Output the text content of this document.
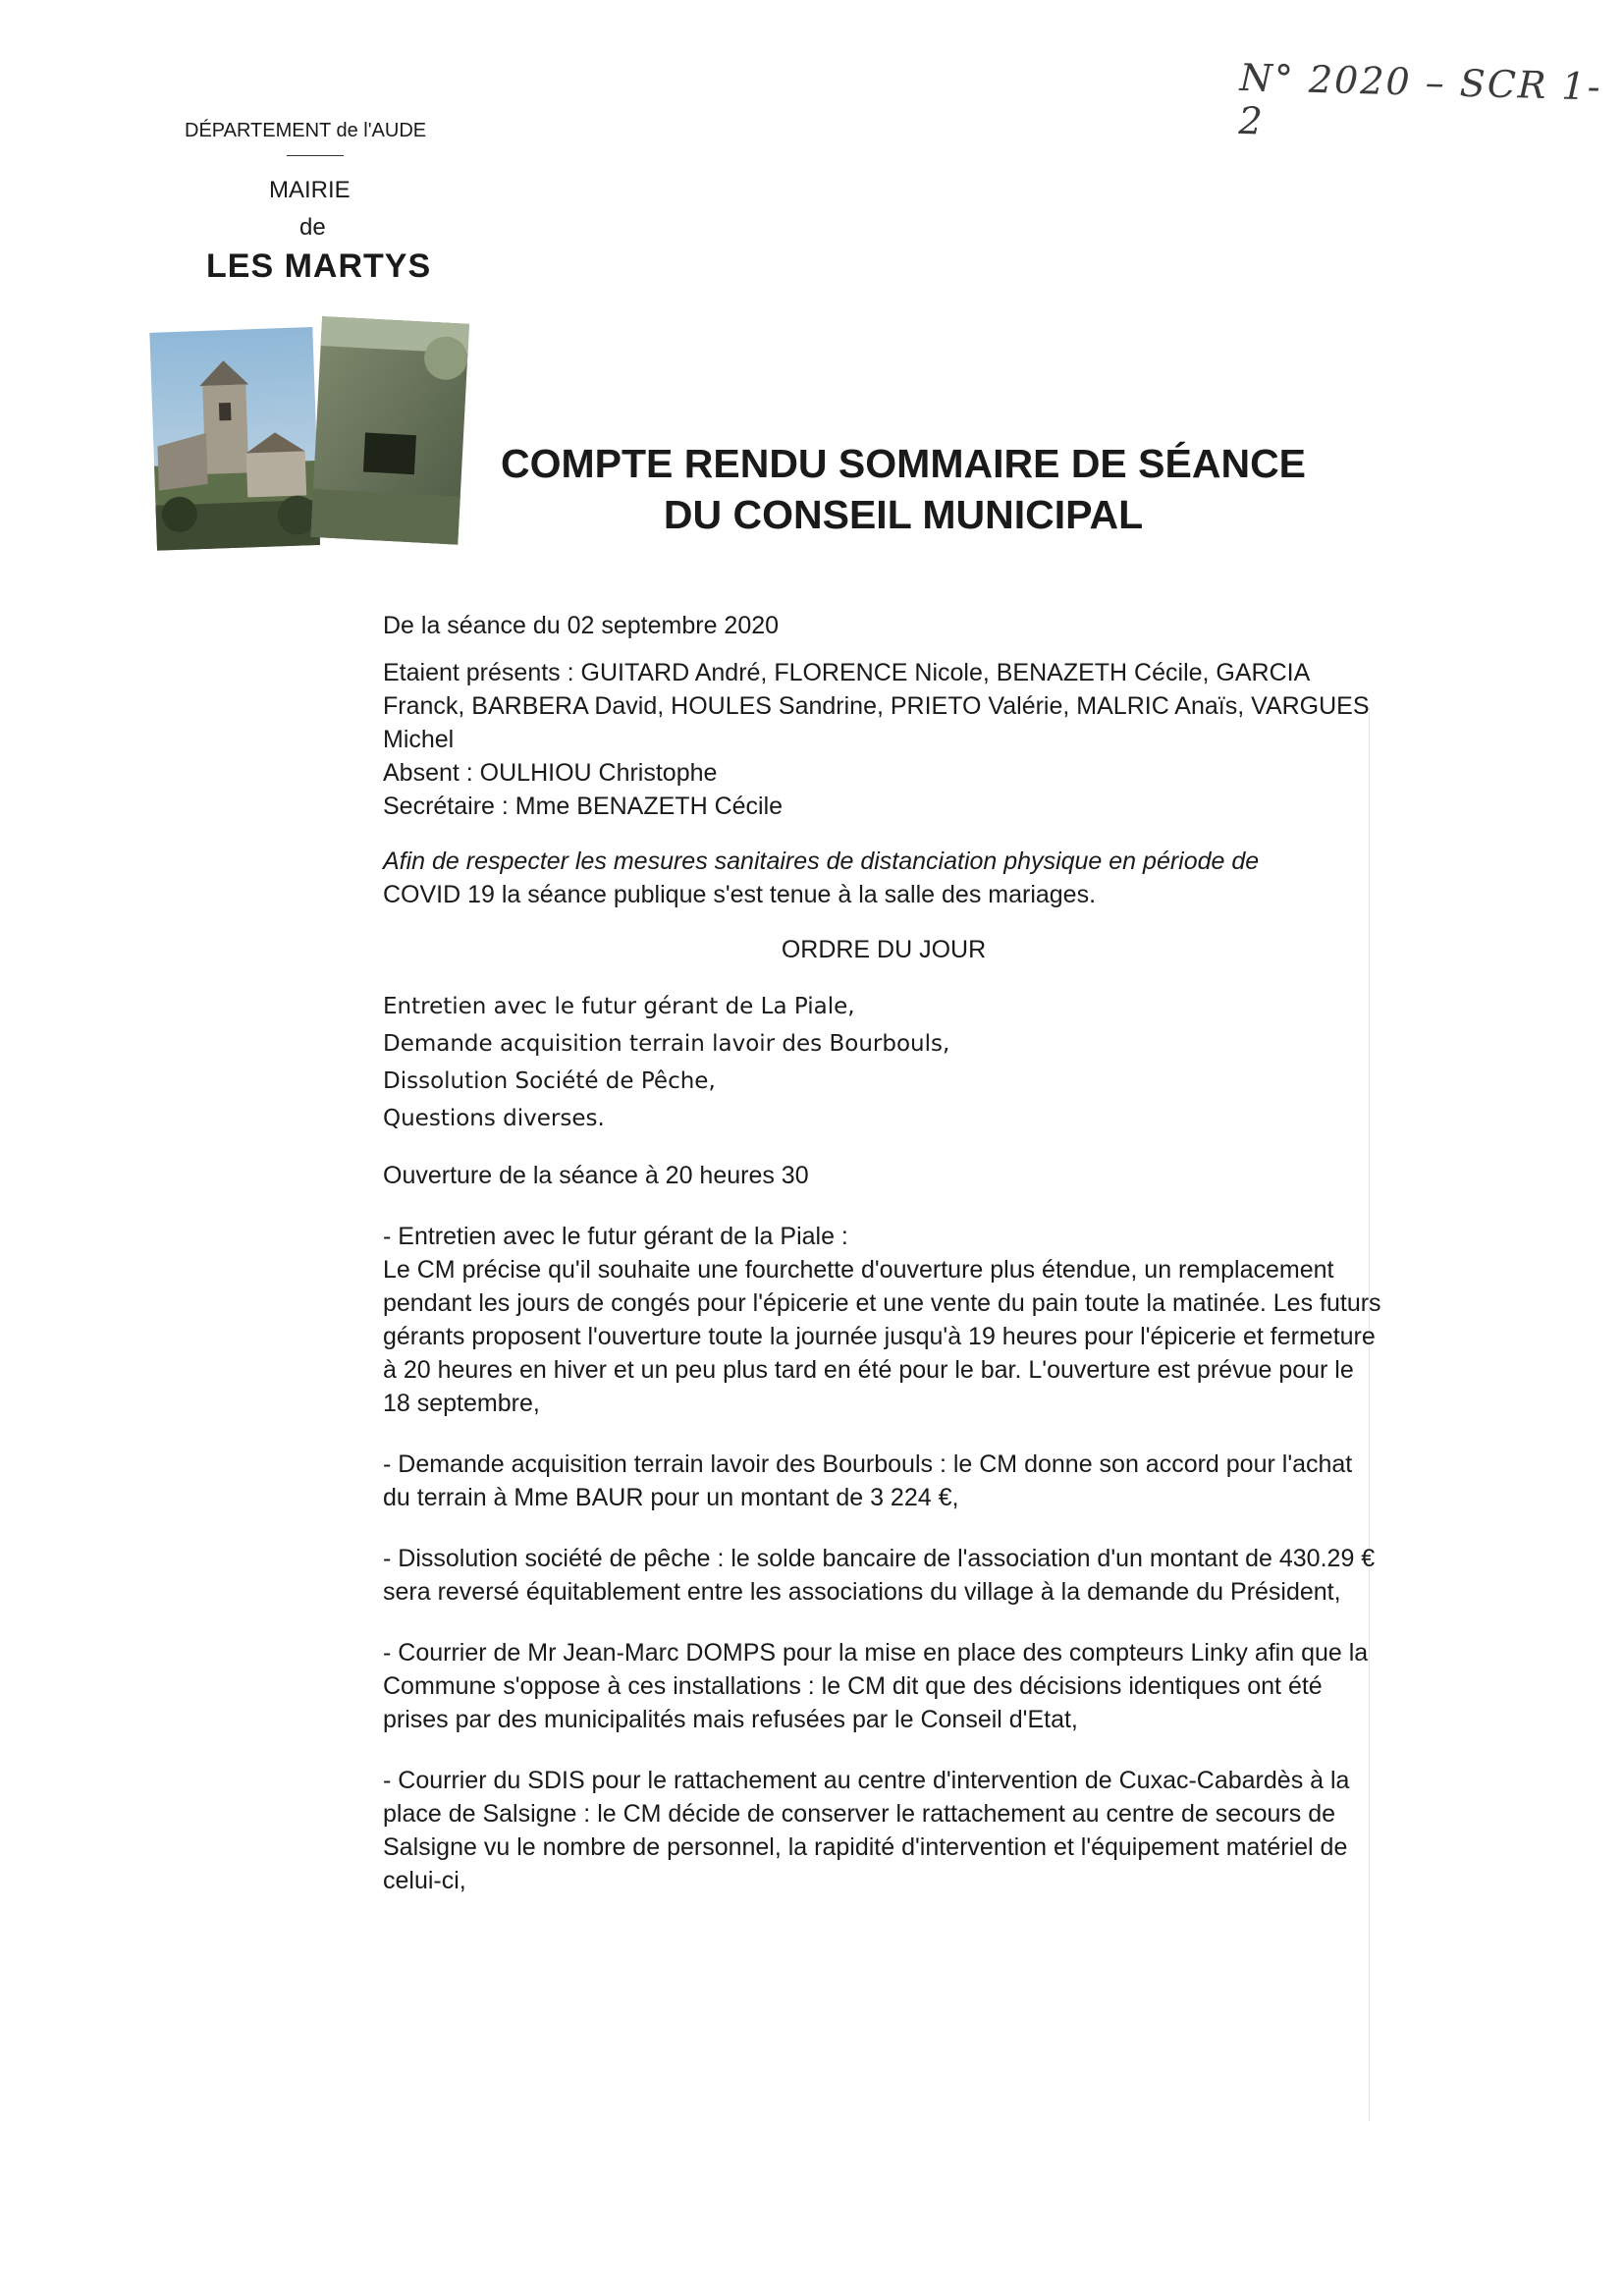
N° 2020 – SCR 1-2
DÉPARTEMENT de l'AUDE
MAIRIE
de
LES MARTYS
COMPTE RENDU SOMMAIRE DE SÉANCE
DU CONSEIL MUNICIPAL

De la séance du 02 septembre 2020

Etaient présents : GUITARD André, FLORENCE Nicole, BENAZETH Cécile, GARCIA Franck, BARBERA David, HOULES Sandrine, PRIETO Valérie, MALRIC Anaïs, VARGUES Michel

Absent : OULHIOU Christophe

Secrétaire : Mme BENAZETH Cécile

Afin de respecter les mesures sanitaires de distanciation physique en période de

COVID 19 la séance publique s'est tenue à la salle des mariages.

ORDRE DU JOUR

Entretien avec le futur gérant de La Piale,
Demande acquisition terrain lavoir des Bourbouls,
Dissolution Société de Pêche,
Questions diverses.

Ouverture de la séance à 20 heures 30

- Entretien avec le futur gérant de la Piale :

Le CM précise qu'il souhaite une fourchette d'ouverture plus étendue, un remplacement pendant les jours de congés pour l'épicerie et une vente du pain toute la matinée. Les futurs gérants proposent l'ouverture toute la journée jusqu'à 19 heures pour l'épicerie et fermeture à 20 heures en hiver et un peu plus tard en été pour le bar. L'ouverture est prévue pour le 18 septembre,

- Demande acquisition terrain lavoir des Bourbouls : le CM donne son accord pour l'achat du terrain à Mme BAUR pour un montant de 3 224 €,

- Dissolution société de pêche : le solde bancaire de l'association d'un montant de 430.29 € sera reversé équitablement entre les associations du village à la demande du Président,

- Courrier de Mr Jean-Marc DOMPS pour la mise en place des compteurs Linky afin que la Commune s'oppose à ces installations : le CM dit que des décisions identiques ont été prises par des municipalités mais refusées par le Conseil d'Etat,

- Courrier du SDIS pour le rattachement au centre d'intervention de Cuxac-Cabardès à la place de Salsigne : le CM décide de conserver le rattachement au centre de secours de Salsigne vu le nombre de personnel, la rapidité d'intervention et l'équipement matériel de celui-ci,
